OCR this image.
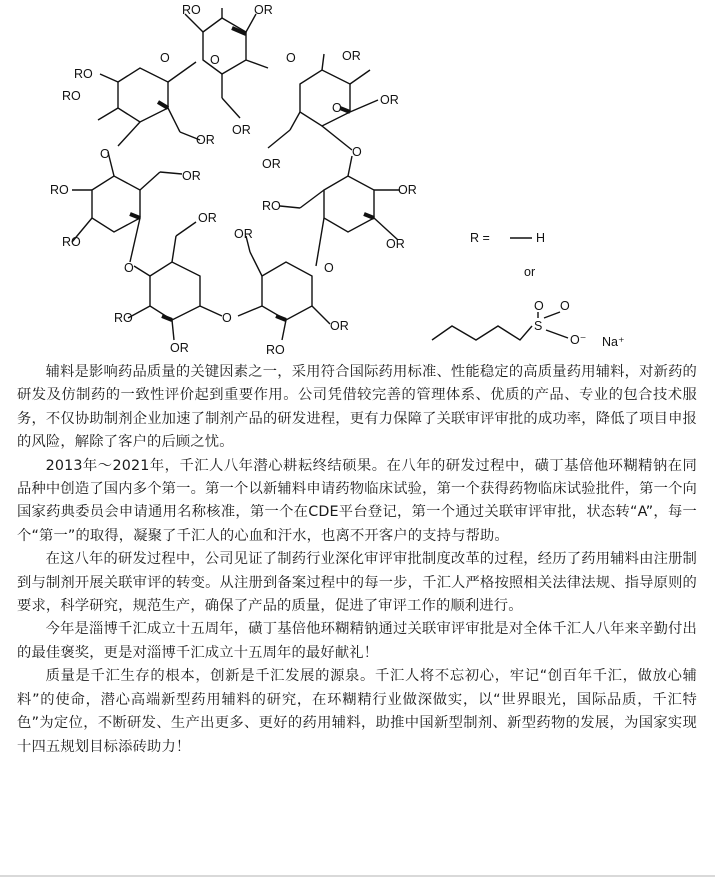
RO
RO
RO
RO
RO
RO
RO
RO
OR
OR
OR
OR
OR
OR
OR
OR
OR
OR
OR
OR
OR
O	O
O	O
O	O
O
O
O
R =	H
or
S
O O
O⁻ Na⁺

辅料是影响药品质量的关键因素之一，采用符合国际药用标准、性能稳定的高质量药用辅料，对新药的研发及仿制药的一致性评价起到重要作用。公司凭借较完善的管理体系、优质的产品、专业的包合技术服务，不仅协助制剂企业加速了制剂产品的研发进程，更有力保障了关联审评审批的成功率，降低了项目申报的风险，解除了客户的后顾之忧。

2013年～2021年，千汇人八年潜心耕耘终结硕果。在八年的研发过程中，磺丁基倍他环糊精钠在同品种中创造了国内多个第一。第一个以新辅料申请药物临床试验，第一个获得药物临床试验批件，第一个向国家药典委员会申请通用名称核准，第一个在CDE平台登记，第一个通过关联审评审批，状态转“A”，每一个“第一”的取得，凝聚了千汇人的心血和汗水，也离不开客户的支持与帮助。

在这八年的研发过程中，公司见证了制药行业深化审评审批制度改革的过程，经历了药用辅料由注册制到与制剂开展关联审评的转变。从注册到备案过程中的每一步，千汇人严格按照相关法律法规、指导原则的要求，科学研究，规范生产，确保了产品的质量，促进了审评工作的顺利进行。

今年是淄博千汇成立十五周年，磺丁基倍他环糊精钠通过关联审评审批是对全体千汇人八年来辛勤付出的最佳褒奖，更是对淄博千汇成立十五周年的最好献礼！

质量是千汇生存的根本，创新是千汇发展的源泉。千汇人将不忘初心，牢记“创百年千汇，做放心辅料”的使命，潜心高端新型药用辅料的研究，在环糊精行业做深做实，以“世界眼光，国际品质，千汇特色”为定位，不断研发、生产出更多、更好的药用辅料，助推中国新型制剂、新型药物的发展，为国家实现十四五规划目标添砖助力！
